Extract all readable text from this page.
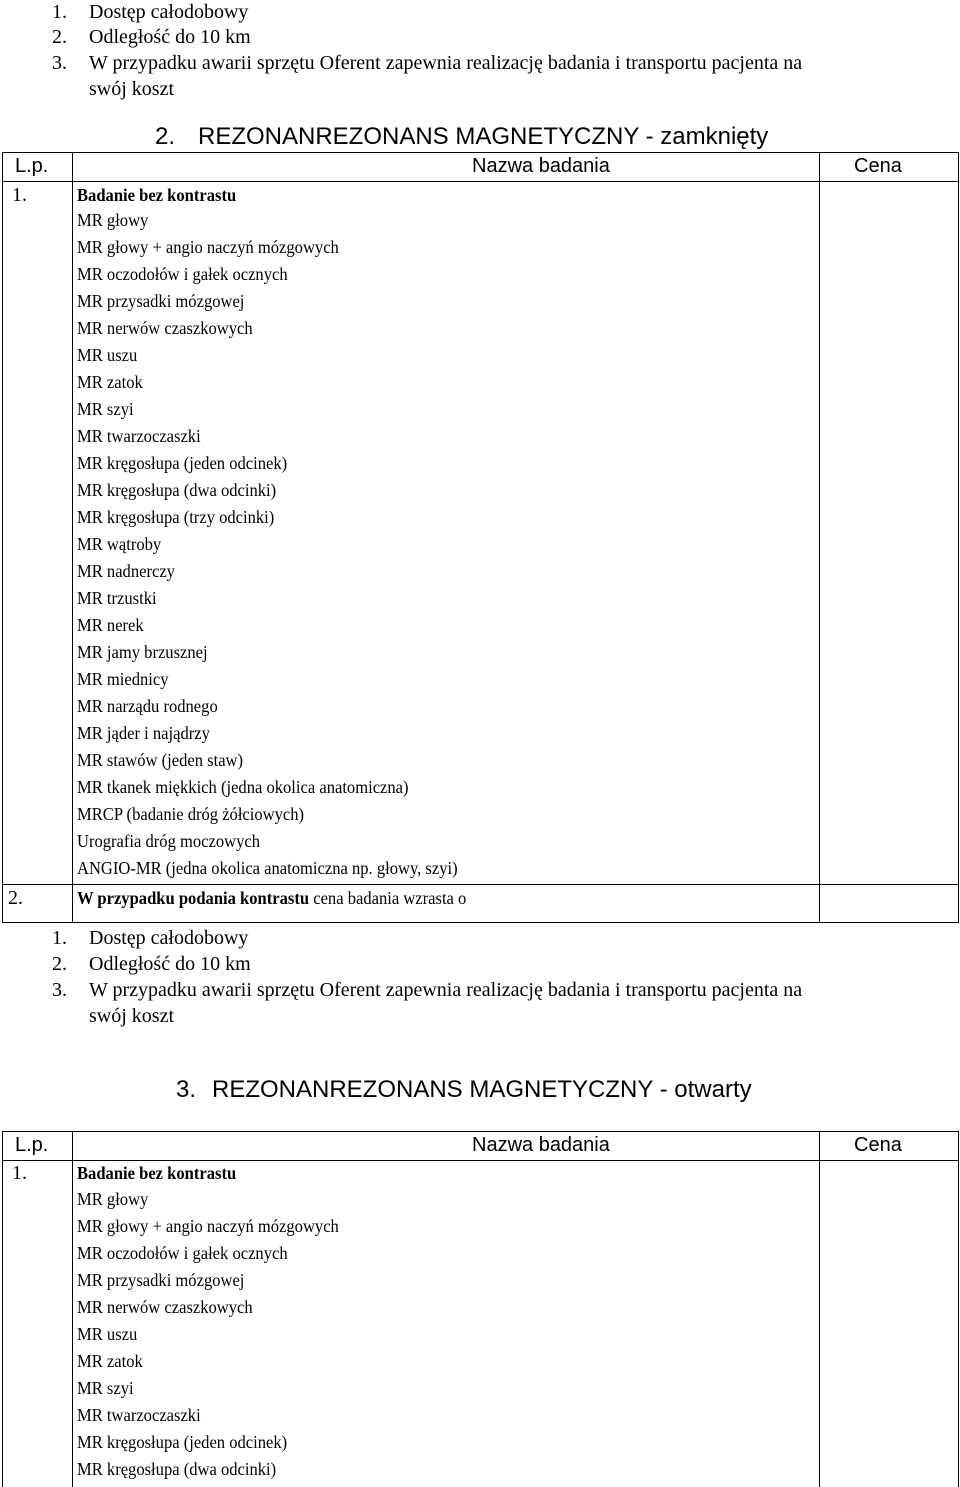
1. Dostęp całodobowy
2. Odległość do 10 km
3. W przypadku awarii sprzętu Oferent zapewnia realizację badania i transportu pacjenta na
swój koszt
2. REZONANREZONANS MAGNETYCZNY - zamknięty
L.p.	Nazwa badania	Cena
1.	Badanie bez kontrastu
MR głowy
MR głowy + angio naczyń mózgowych
MR oczodołów i gałek ocznych
MR przysadki mózgowej
MR nerwów czaszkowych
MR uszu
MR zatok
MR szyi
MR twarzoczaszki
MR kręgosłupa (jeden odcinek)
MR kręgosłupa (dwa odcinki)
MR kręgosłupa (trzy odcinki)
MR wątroby
MR nadnerczy
MR trzustki
MR nerek
MR jamy brzusznej
MR miednicy
MR narządu rodnego
MR jąder i najądrzy
MR stawów (jeden staw)
MR tkanek miękkich (jedna okolica anatomiczna)
MRCP (badanie dróg żółciowych)
Urografia dróg moczowych
ANGIO-MR (jedna okolica anatomiczna np. głowy, szyi)
2.	W przypadku podania kontrastu cena badania wzrasta o
1. Dostęp całodobowy
2. Odległość do 10 km
3. W przypadku awarii sprzętu Oferent zapewnia realizację badania i transportu pacjenta na
swój koszt
3. REZONANREZONANS MAGNETYCZNY - otwarty
L.p.	Nazwa badania	Cena
1.	Badanie bez kontrastu
MR głowy
MR głowy + angio naczyń mózgowych
MR oczodołów i gałek ocznych
MR przysadki mózgowej
MR nerwów czaszkowych
MR uszu
MR zatok
MR szyi
MR twarzoczaszki
MR kręgosłupa (jeden odcinek)
MR kręgosłupa (dwa odcinki)
